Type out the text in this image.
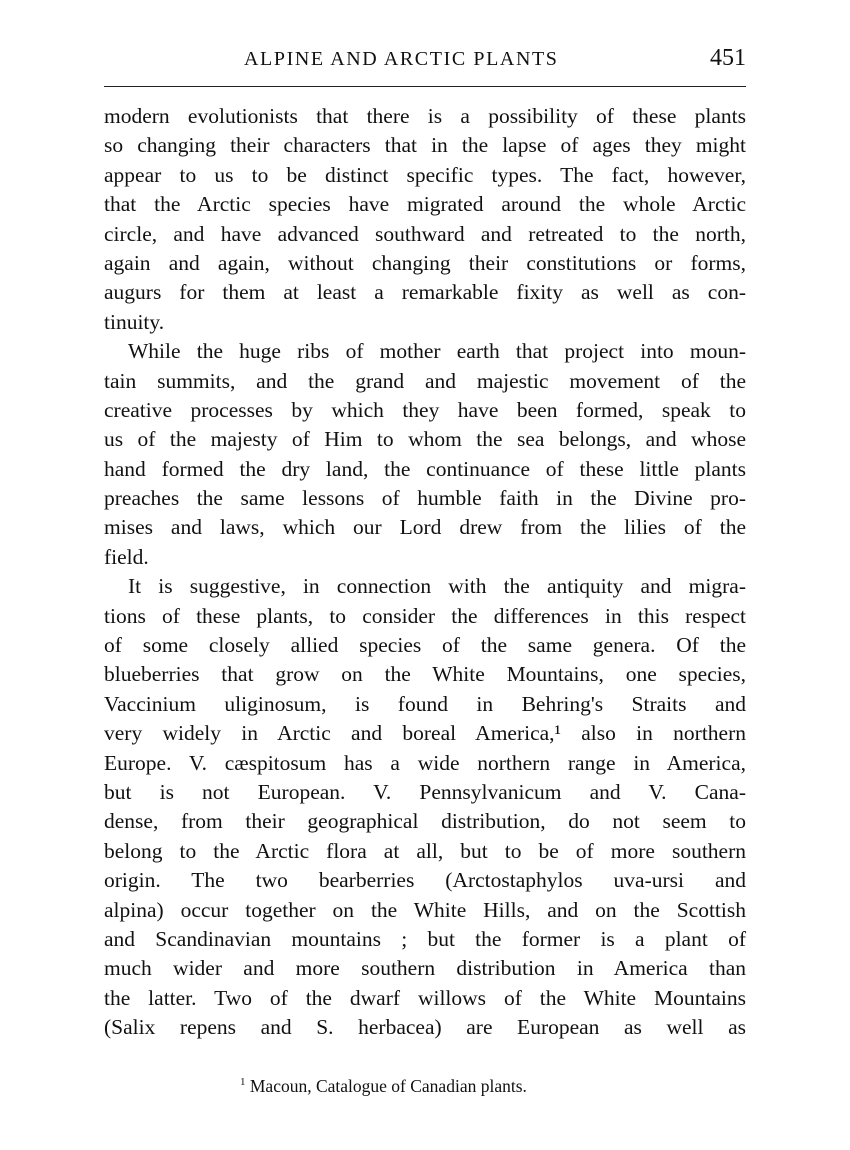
ALPINE AND ARCTIC PLANTS	451
modern evolutionists that there is a possibility of these plants
so changing their characters that in the lapse of ages they might
appear to us to be distinct specific types. The fact, however,
that the Arctic species have migrated around the whole Arctic
circle, and have advanced southward and retreated to the north,
again and again, without changing their constitutions or forms,
augurs for them at least a remarkable fixity as well as con-
tinuity.
While the huge ribs of mother earth that project into moun-
tain summits, and the grand and majestic movement of the
creative processes by which they have been formed, speak to
us of the majesty of Him to whom the sea belongs, and whose
hand formed the dry land, the continuance of these little plants
preaches the same lessons of humble faith in the Divine pro-
mises and laws, which our Lord drew from the lilies of the
field.
It is suggestive, in connection with the antiquity and migra-
tions of these plants, to consider the differences in this respect
of some closely allied species of the same genera. Of the
blueberries that grow on the White Mountains, one species,
Vaccinium uliginosum, is found in Behring's Straits and
very widely in Arctic and boreal America,¹ also in northern
Europe. V. cæspitosum has a wide northern range in America,
but is not European. V. Pennsylvanicum and V. Cana-
dense, from their geographical distribution, do not seem to
belong to the Arctic flora at all, but to be of more southern
origin. The two bearberries (Arctostaphylos uva-ursi and
alpina) occur together on the White Hills, and on the Scottish
and Scandinavian mountains ; but the former is a plant of
much wider and more southern distribution in America than
the latter. Two of the dwarf willows of the White Mountains
(Salix repens and S. herbacea) are European as well as
$^1$ Macoun, Catalogue of Canadian plants.
